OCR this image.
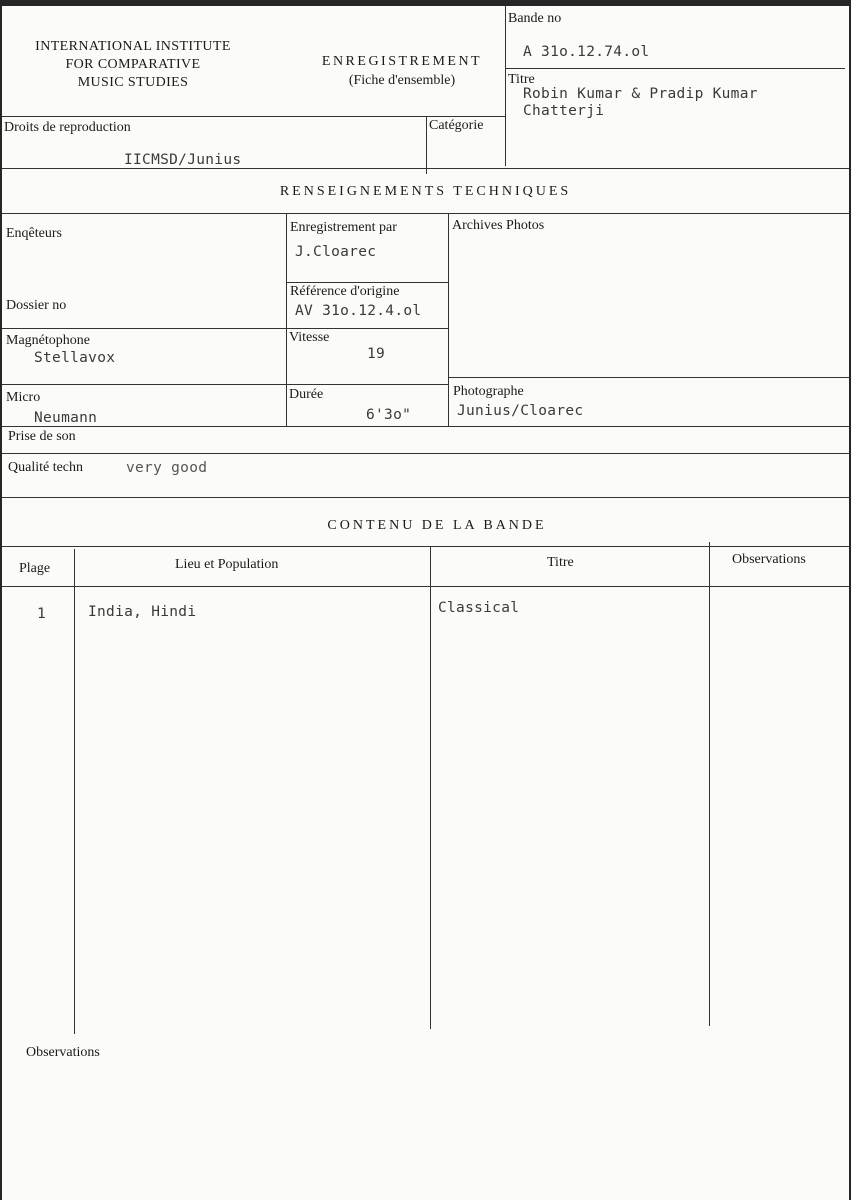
INTERNATIONAL INSTITUTE
FOR COMPARATIVE
MUSIC STUDIES
ENREGISTREMENT
(Fiche d'ensemble)
Bande no
A 31o.12.74.ol
Titre
Robin Kumar & Pradip Kumar
Chatterji
Droits de reproduction
IICMSD/Junius
Catégorie
RENSEIGNEMENTS TECHNIQUES
Enqêteurs	Enregistrement par
J.Cloarec
Archives Photos
Dossier no
Référence d'origine
AV 31o.12.4.ol
Magnétophone
Stellavox
Vitesse
19
Micro
Neumann
Durée
6'3o"
Photographe
Junius/Cloarec
Prise de son
Qualité techn	very good
CONTENU DE LA BANDE
Plage	Lieu et Population	Titre	Observations
1	India, Hindi	Classical
Observations
